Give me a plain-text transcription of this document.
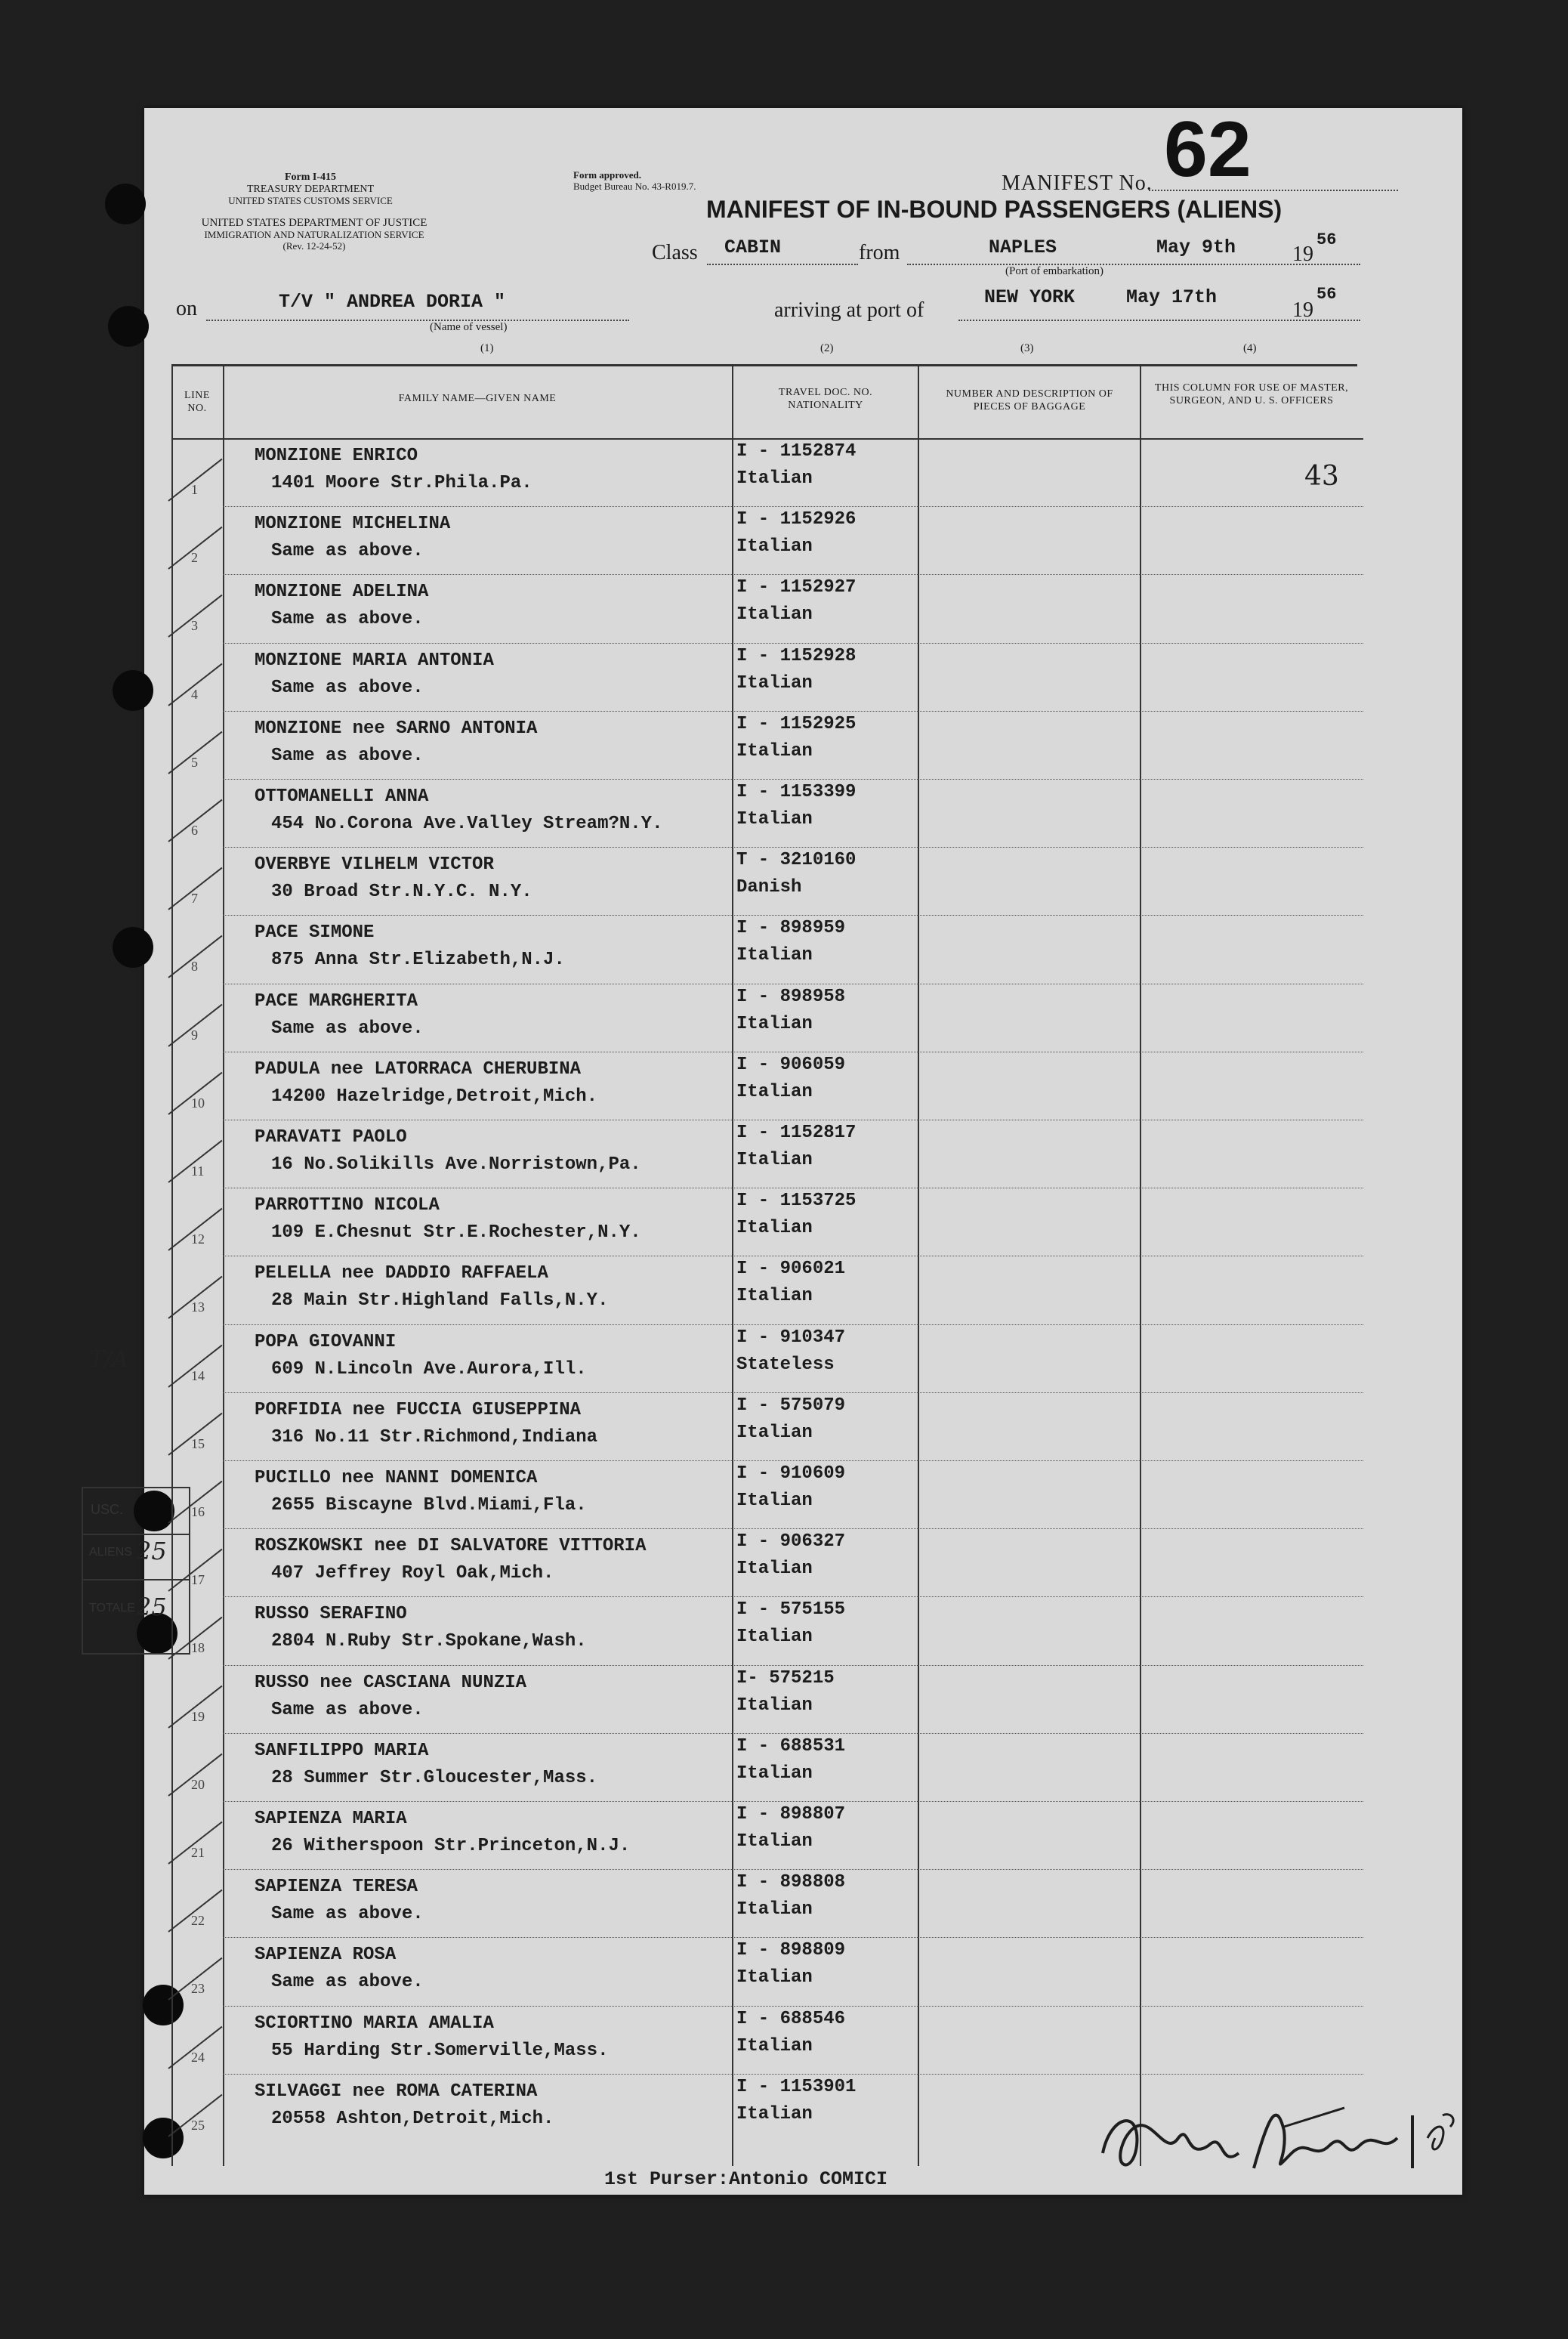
Form I-415
TREASURY DEPARTMENT
UNITED STATES CUSTOMS SERVICE
UNITED STATES DEPARTMENT OF JUSTICE
IMMIGRATION AND NATURALIZATION SERVICE
(Rev. 12-24-52)
Form approved.
Budget Bureau No. 43-R019.7.	MANIFEST No. 62
MANIFEST OF IN-BOUND PASSENGERS (ALIENS)
Class CABIN	from	NAPLES	May 9th	19
56
(Port of embarkation)
on	T/V " ANDREA DORIA "
(Name of vessel)
arriving at port of
NEW YORK	May 17th
19
56
(1)	(2)	(3)	(4)
LINE NO.
FAMILY NAME—GIVEN NAME
TRAVEL DOC. NO. NATIONALITY
NUMBER AND DESCRIPTION OF PIECES OF BAGGAGE
THIS COLUMN FOR USE OF MASTER, SURGEON, AND U. S. OFFICERS
1
MONZIONE ENRICO
1401 Moore Str.Phila.Pa.
I - 1152874
Italian	43
2
MONZIONE MICHELINA
Same as above.
I - 1152926
Italian
3
MONZIONE ADELINA
Same as above.
I - 1152927
Italian
4
MONZIONE MARIA ANTONIA
Same as above.
I - 1152928
Italian
5
MONZIONE nee SARNO ANTONIA
Same as above.
I - 1152925
Italian
6
OTTOMANELLI ANNA
454 No.Corona Ave.Valley Stream?N.Y.
I - 1153399
Italian
7
OVERBYE VILHELM VICTOR
30 Broad Str.N.Y.C. N.Y.
T - 3210160
Danish
8
PACE SIMONE
875 Anna Str.Elizabeth,N.J.
I - 898959
Italian
9
PACE MARGHERITA
Same as above.
I - 898958
Italian
10
PADULA nee LATORRACA CHERUBINA
14200 Hazelridge,Detroit,Mich.
I - 906059
Italian
11
PARAVATI PAOLO
16 No.Solikills Ave.Norristown,Pa.
I - 1152817
Italian
12
PARROTTINO NICOLA
109 E.Chesnut Str.E.Rochester,N.Y.
I - 1153725
Italian
13
PELELLA nee DADDIO RAFFAELA
28 Main Str.Highland Falls,N.Y.
I - 906021
Italian
14
POPA GIOVANNI
609 N.Lincoln Ave.Aurora,Ill.
I - 910347
Stateless
15
PORFIDIA nee FUCCIA GIUSEPPINA
316 No.11 Str.Richmond,Indiana
I - 575079
Italian
16
PUCILLO nee NANNI DOMENICA
2655 Biscayne Blvd.Miami,Fla.
I - 910609
Italian
17
ROSZKOWSKI nee DI SALVATORE VITTORIA
407 Jeffrey Royl Oak,Mich.
I - 906327
Italian
18
RUSSO SERAFINO
2804 N.Ruby Str.Spokane,Wash.
I - 575155
Italian
19
RUSSO nee CASCIANA NUNZIA
Same as above.
I- 575215
Italian
20
SANFILIPPO MARIA
28 Summer Str.Gloucester,Mass.
I - 688531
Italian
21
SAPIENZA MARIA
26 Witherspoon Str.Princeton,N.J.
I - 898807
Italian
22
SAPIENZA TERESA
Same as above.
I - 898808
Italian
23
SAPIENZA ROSA
Same as above.
I - 898809
Italian
24
SCIORTINO MARIA AMALIA
55 Harding Str.Somerville,Mass.
I - 688546
Italian
25
SILVAGGI nee ROMA CATERINA
20558 Ashton,Detroit,Mich.
I - 1153901
Italian
T/A
USC.
ALIENS 25
TOTALE 25
1st Purser:Antonio COMICI
